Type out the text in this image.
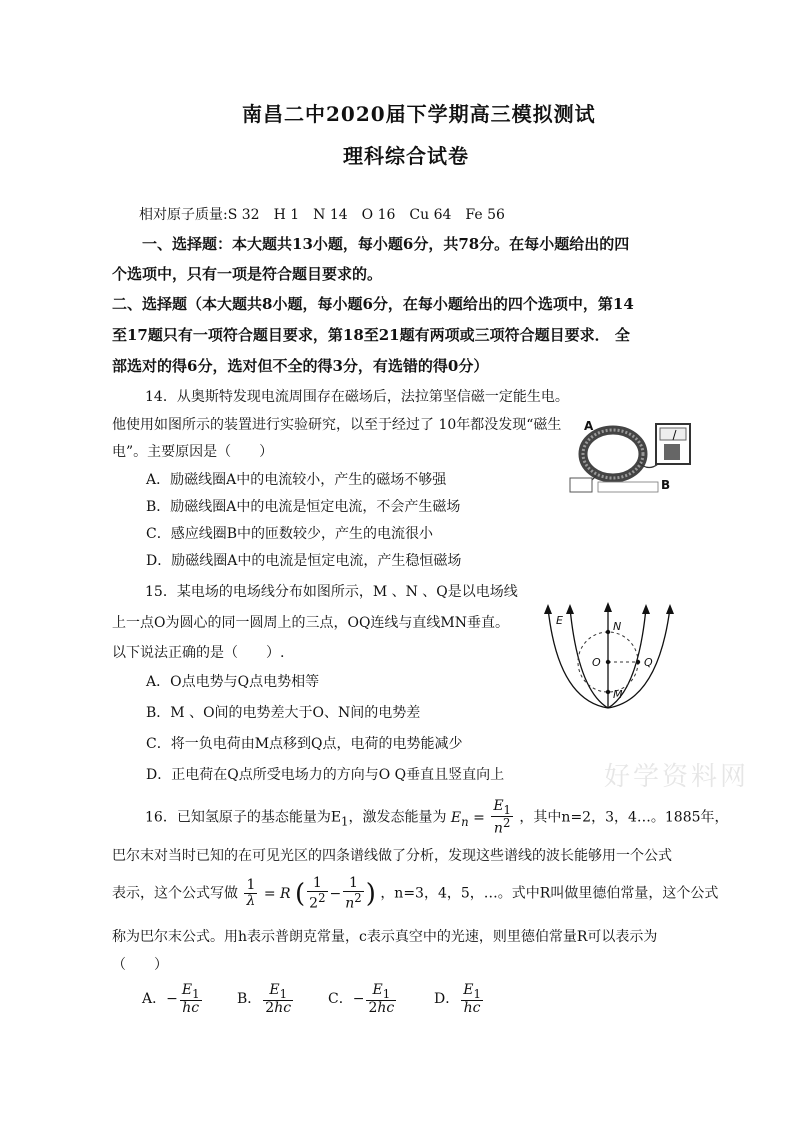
南昌二中2020届下学期高三模拟测试
理科综合试卷
相对原子质量:S 32　H 1　N 14　O 16　Cu 64　Fe 56
一、选择题：本大题共13小题，每小题6分，共78分。在每小题给出的四
个选项中，只有一项是符合题目要求的。
二、选择题（本大题共8小题，每小题6分，在每小题给出的四个选项中，第14
至17题只有一项符合题目要求，第18至21题有两项或三项符合题目要求． 全
部选对的得6分，选对但不全的得3分，有选错的得0分）
14．从奥斯特发现电流周围存在磁场后，法拉第坚信磁一定能生电。
他使用如图所示的装置进行实验研究，以至于经过了 10年都没发现“磁生
电”。主要原因是（　　）
A．励磁线圈A中的电流较小，产生的磁场不够强
B．励磁线圈A中的电流是恒定电流，不会产生磁场
C．感应线圈B中的匝数较少，产生的电流很小
D．励磁线圈A中的电流是恒定电流，产生稳恒磁场
A
B
15．某电场的电场线分布如图所示，M 、N 、Q是以电场线
上一点O为圆心的同一圆周上的三点，OQ连线与直线MN垂直。
以下说法正确的是（　　）.
A．O点电势与Q点电势相等
B．M 、O间的电势差大于O、N间的电势差
C．将一负电荷由M点移到Q点，电荷的电势能减少
D．正电荷在Q点所受电场力的方向与O Q垂直且竖直向上
E	N
O	Q
M
好学资料网
16．已知氢原子的基态能量为$E_1$，激发态能量为 $E_n = \frac{E_1}{n^2}$ ，其中n=2，3，4…。1885年，
巴尔末对当时已知的在可见光区的四条谱线做了分析，发现这些谱线的波长能够用一个公式
表示，这个公式写做 $\frac{1}{\lambda} = R$ ( $\frac{1}{2^2} - \frac{1}{n^2}$ ) ，n=3，4，5，…。式中R叫做里德伯常量，这个公式
称为巴尔末公式。用h表示普朗克常量，c表示真空中的光速，则里德伯常量R可以表示为
（　　）
A．− $\frac{E_1}{hc}$	B． $\frac{E_1}{2hc}$ C．− $\frac{E_1}{2hc}$	D． $\frac{E_1}{hc}$
